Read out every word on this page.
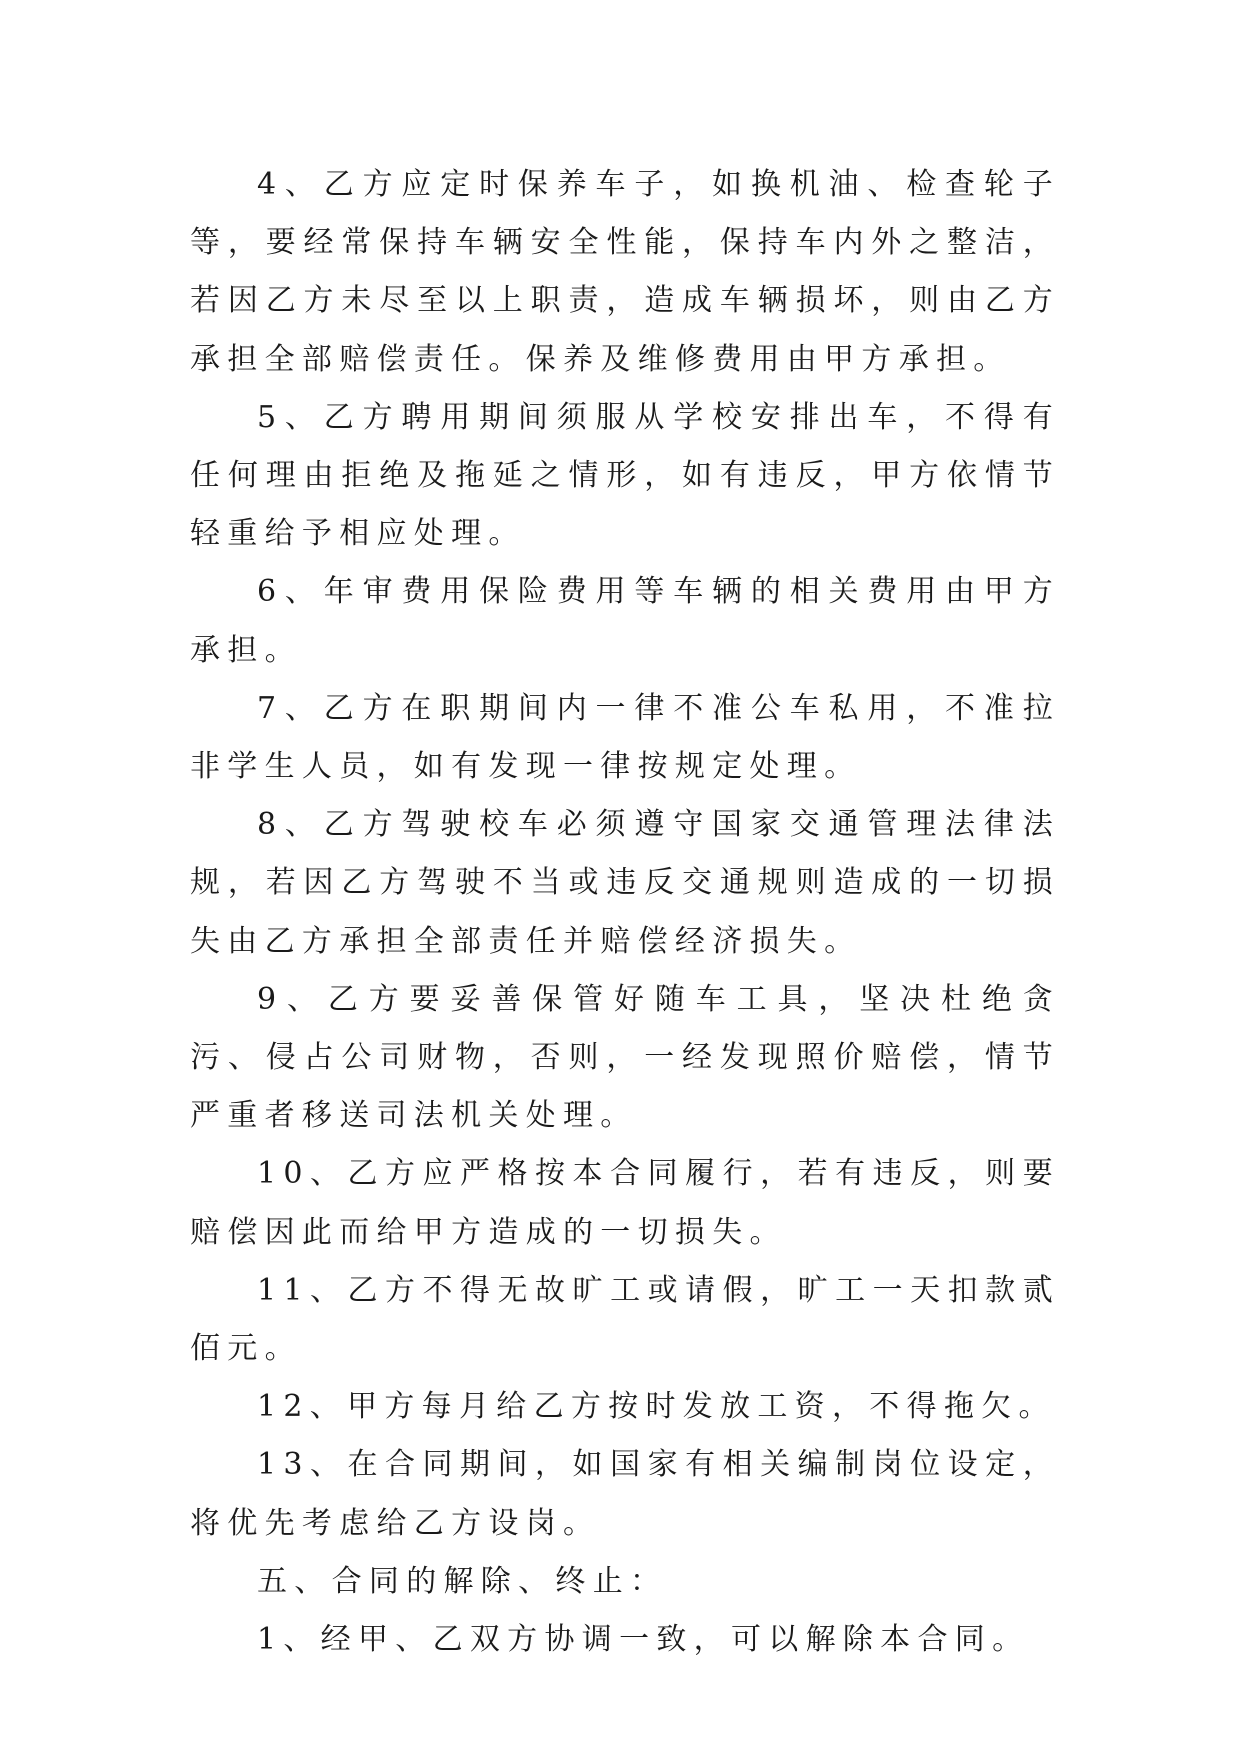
4、乙方应定时保养车子，如换机油、检查轮子等，要经常保持车辆安全性能，保持车内外之整洁，若因乙方未尽至以上职责，造成车辆损坏，则由乙方承担全部赔偿责任。保养及维修费用由甲方承担。

5、乙方聘用期间须服从学校安排出车，不得有任何理由拒绝及拖延之情形，如有违反，甲方依情节轻重给予相应处理。

6、年审费用保险费用等车辆的相关费用由甲方承担。

7、乙方在职期间内一律不准公车私用，不准拉非学生人员，如有发现一律按规定处理。

8、乙方驾驶校车必须遵守国家交通管理法律法规，若因乙方驾驶不当或违反交通规则造成的一切损失由乙方承担全部责任并赔偿经济损失。

9、乙方要妥善保管好随车工具，坚决杜绝贪污、侵占公司财物，否则，一经发现照价赔偿，情节严重者移送司法机关处理。

10、乙方应严格按本合同履行，若有违反，则要赔偿因此而给甲方造成的一切损失。

11、乙方不得无故旷工或请假，旷工一天扣款贰佰元。

12、甲方每月给乙方按时发放工资，不得拖欠。

13、在合同期间，如国家有相关编制岗位设定，将优先考虑给乙方设岗。

五、合同的解除、终止：

1、经甲、乙双方协调一致，可以解除本合同。
